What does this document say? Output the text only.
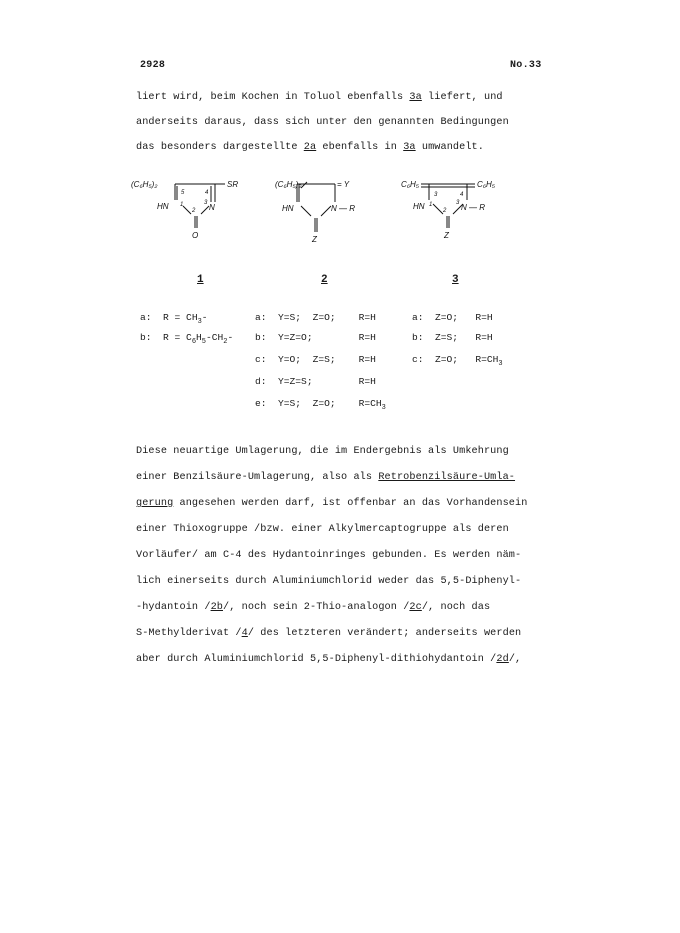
2928	No.33
liert wird, beim Kochen in Toluol ebenfalls 3a liefert, und
anderseits daraus, dass sich unter den genannten Bedingungen
das besonders dargestellte 2a ebenfalls in 3a umwandelt.
(C₆H₅)₂
5	4
SR
HN 1
2
3 N
O
(C₆H₅)₂	= Y
HN	N — R
Z
C₆H₅	C₆H₅
3	4
HN 1
2
3 N — R
Z
1	2	3
a:  $R = CH_3-$
b:  $R = C_6H_5-CH_2-$
a:  Y=S;  Z=O;    R=H
b:  Y=Z=O;        R=H
c:  Y=O;  Z=S;    R=H
d:  Y=Z=S;        R=H
e:  Y=S;  Z=O;    $R=CH_3$
a:  Z=O;   R=H
b:  Z=S;   R=H
c:  Z=O;   $R=CH_3$
Diese neuartige Umlagerung, die im Endergebnis als Umkehrung
einer Benzilsäure-Umlagerung, also als Retrobenzilsäure-Umla-
gerung angesehen werden darf, ist offenbar an das Vorhandensein
einer Thioxogruppe /bzw. einer Alkylmercaptogruppe als deren
Vorläufer/ am C-4 des Hydantoinringes gebunden. Es werden näm-
lich einerseits durch Aluminiumchlorid weder das 5,5-Diphenyl-
-hydantoin /2b/, noch sein 2-Thio-analogon /2c/, noch das
S-Methylderivat /4/ des letzteren verändert; anderseits werden
aber durch Aluminiumchlorid 5,5-Diphenyl-dithiohydantoin /2d/,
